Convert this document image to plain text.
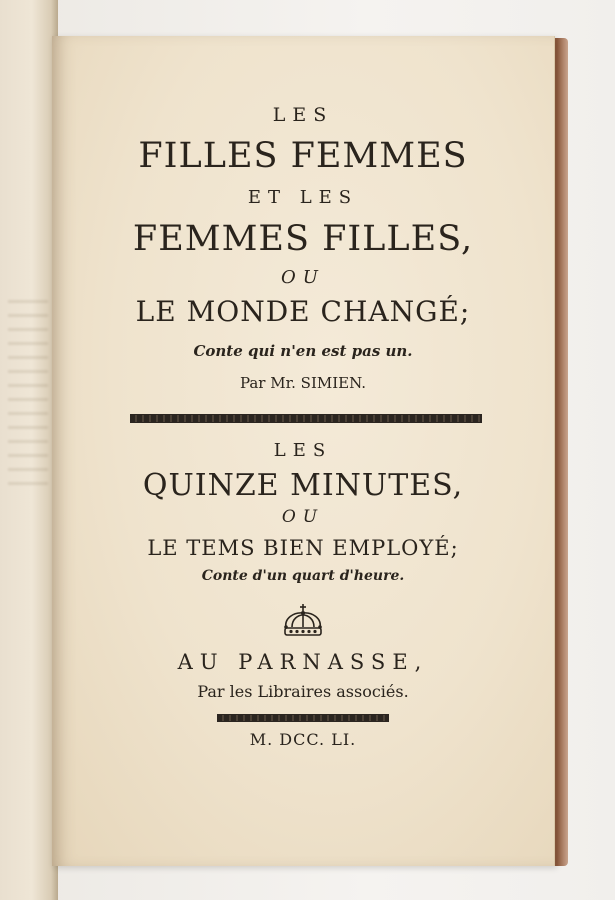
LES
FILLES FEMMES
ET LES
FEMMES FILLES,
OU
LE MONDE CHANGÉ;
Conte qui n'en est pas un.
Par Mr. SIMIEN.
LES
QUINZE MINUTES,
OU
LE TEMS BIEN EMPLOYÉ;
Conte d'un quart d'heure.
AU PARNASSE,
Par les Libraires associés.
M. DCC. LI.
